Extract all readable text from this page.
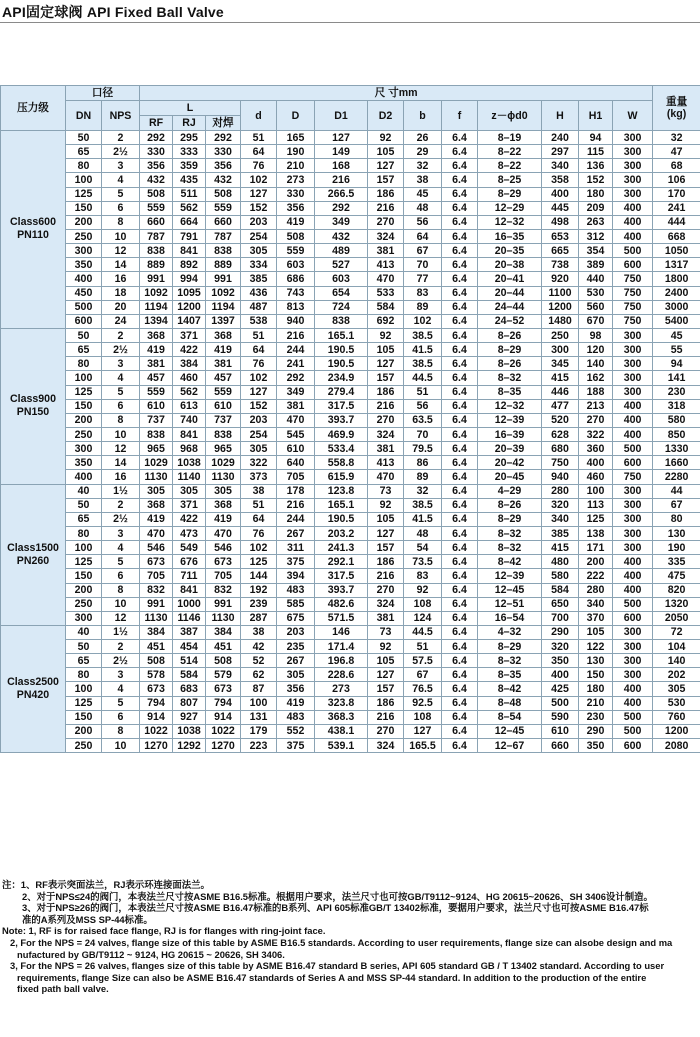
API固定球阀 API Fixed Ball Valve
压力级	口径		尺 寸mm													重量
(kg)
	DN	NPS	L			d	D	D1	D2	b	f	z－ϕd0	H	H1	W	
			RF	RJ	对焊											
Class600
PN110	50	2	292	295	292	51	165	127	92	26	6.4	8–19	240	94	300	32
	65	2½	330	333	330	64	190	149	105	29	6.4	8–22	297	115	300	47
	80	3	356	359	356	76	210	168	127	32	6.4	8–22	340	136	300	68
	100	4	432	435	432	102	273	216	157	38	6.4	8–25	358	152	300	106
	125	5	508	511	508	127	330	266.5	186	45	6.4	8–29	400	180	300	170
	150	6	559	562	559	152	356	292	216	48	6.4	12–29	445	209	400	241
	200	8	660	664	660	203	419	349	270	56	6.4	12–32	498	263	400	444
	250	10	787	791	787	254	508	432	324	64	6.4	16–35	653	312	400	668
	300	12	838	841	838	305	559	489	381	67	6.4	20–35	665	354	500	1050
	350	14	889	892	889	334	603	527	413	70	6.4	20–38	738	389	600	1317
	400	16	991	994	991	385	686	603	470	77	6.4	20–41	920	440	750	1800
	450	18	1092	1095	1092	436	743	654	533	83	6.4	20–44	1100	530	750	2400
	500	20	1194	1200	1194	487	813	724	584	89	6.4	24–44	1200	560	750	3000
	600	24	1394	1407	1397	538	940	838	692	102	6.4	24–52	1480	670	750	5400
Class900
PN150	50	2	368	371	368	51	216	165.1	92	38.5	6.4	8–26	250	98	300	45
	65	2½	419	422	419	64	244	190.5	105	41.5	6.4	8–29	300	120	300	55
	80	3	381	384	381	76	241	190.5	127	38.5	6.4	8–26	345	140	300	94
	100	4	457	460	457	102	292	234.9	157	44.5	6.4	8–32	415	162	300	141
	125	5	559	562	559	127	349	279.4	186	51	6.4	8–35	446	188	300	230
	150	6	610	613	610	152	381	317.5	216	56	6.4	12–32	477	213	400	318
	200	8	737	740	737	203	470	393.7	270	63.5	6.4	12–39	520	270	400	580
	250	10	838	841	838	254	545	469.9	324	70	6.4	16–39	628	322	400	850
	300	12	965	968	965	305	610	533.4	381	79.5	6.4	20–39	680	360	500	1330
	350	14	1029	1038	1029	322	640	558.8	413	86	6.4	20–42	750	400	600	1660
	400	16	1130	1140	1130	373	705	615.9	470	89	6.4	20–45	940	460	750	2280
Class1500
PN260	40	1½	305	305	305	38	178	123.8	73	32	6.4	4–29	280	100	300	44
	50	2	368	371	368	51	216	165.1	92	38.5	6.4	8–26	320	113	300	67
	65	2½	419	422	419	64	244	190.5	105	41.5	6.4	8–29	340	125	300	80
	80	3	470	473	470	76	267	203.2	127	48	6.4	8–32	385	138	300	130
	100	4	546	549	546	102	311	241.3	157	54	6.4	8–32	415	171	300	190
	125	5	673	676	673	125	375	292.1	186	73.5	6.4	8–42	480	200	400	335
	150	6	705	711	705	144	394	317.5	216	83	6.4	12–39	580	222	400	475
	200	8	832	841	832	192	483	393.7	270	92	6.4	12–45	584	280	400	820
	250	10	991	1000	991	239	585	482.6	324	108	6.4	12–51	650	340	500	1320
	300	12	1130	1146	1130	287	675	571.5	381	124	6.4	16–54	700	370	600	2050
Class2500
PN420	40	1½	384	387	384	38	203	146	73	44.5	6.4	4–32	290	105	300	72
	50	2	451	454	451	42	235	171.4	92	51	6.4	8–29	320	122	300	104
	65	2½	508	514	508	52	267	196.8	105	57.5	6.4	8–32	350	130	300	140
	80	3	578	584	579	62	305	228.6	127	67	6.4	8–35	400	150	300	202
	100	4	673	683	673	87	356	273	157	76.5	6.4	8–42	425	180	400	305
	125	5	794	807	794	100	419	323.8	186	92.5	6.4	8–48	500	210	400	530
	150	6	914	927	914	131	483	368.3	216	108	6.4	8–54	590	230	500	760
	200	8	1022	1038	1022	179	552	438.1	270	127	6.4	12–45	610	290	500	1200
	250	10	1270	1292	1270	223	375	539.1	324	165.5	6.4	12–67	660	350	600	2080

注：1、RF表示突面法兰，RJ表示环连接面法兰。

2、对于NPS≤24的阀门，本表法兰尺寸按ASME B16.5标准。根据用户要求，法兰尺寸也可按GB/T9112~9124、HG 20615~20626、SH 3406设计制造。

3、对于NPS≥26的阀门，本表法兰尺寸按ASME B16.47标准的B系列、API 605标准GB/T 13402标准，要据用户要求，法兰尺寸也可按ASME B16.47标

准的A系列及MSS SP-44标准。

Note: 1, RF is for raised face flange, RJ is for flanges with ring-joint face.

2, For the NPS = 24 valves, flange size of this table by ASME B16.5 standards. According to user requirements, flange size can alsobe design and ma

nufactured by GB/T9112 ~ 9124, HG 20615 ~ 20626, SH 3406.

3, For the NPS = 26 valves, flanges size of this table by ASME B16.47 standard B series, API 605 standard GB / T 13402 standard. According to user

requirements, flange Size can also be ASME B16.47 standards of Series A and MSS SP-44 standard. In addition to the production of the entire

fixed path ball valve.
